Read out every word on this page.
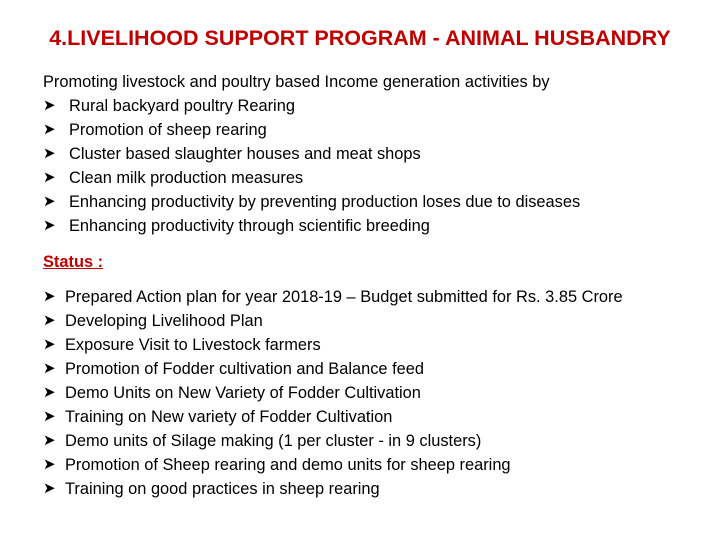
4.LIVELIHOOD SUPPORT PROGRAM - ANIMAL HUSBANDRY

Promoting livestock and poultry based Income generation activities by

➤ Rural backyard poultry Rearing
➤ Promotion of sheep rearing
➤ Cluster based slaughter houses and meat shops
➤ Clean milk production measures
➤ Enhancing productivity by preventing production loses due to diseases
➤ Enhancing productivity through scientific breeding
Status :
➤ Prepared Action plan for year 2018-19 – Budget submitted for Rs. 3.85 Crore
➤ Developing Livelihood Plan
➤ Exposure Visit to Livestock farmers
➤ Promotion of Fodder cultivation and Balance feed
➤ Demo Units on New Variety of Fodder Cultivation
➤ Training on New variety of Fodder Cultivation
➤ Demo units of Silage making (1 per cluster - in 9 clusters)
➤ Promotion of Sheep rearing and demo units for sheep rearing
➤ Training on good practices in sheep rearing
